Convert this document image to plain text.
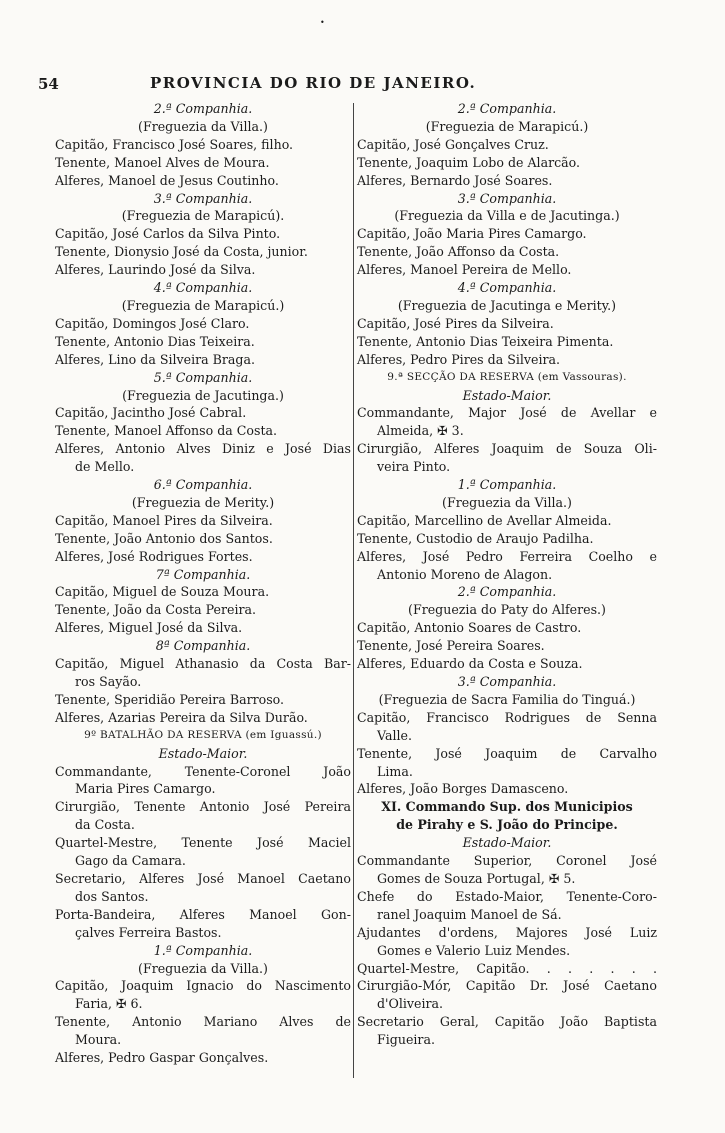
•
54	PROVINCIA DO RIO DE JANEIRO.
2.ª Companhia.
(Freguezia da Villa.)
Capitão, Francisco José Soares, filho.
Tenente, Manoel Alves de Moura.
Alferes, Manoel de Jesus Coutinho.
3.ª Companhia.
(Freguezia de Marapicú).
Capitão, José Carlos da Silva Pinto.
Tenente, Dionysio José da Costa, junior.
Alferes, Laurindo José da Silva.
4.ª Companhia.
(Freguezia de Marapicú.)
Capitão, Domingos José Claro.
Tenente, Antonio Dias Teixeira.
Alferes, Lino da Silveira Braga.
5.ª Companhia.
(Freguezia de Jacutinga.)
Capitão, Jacintho José Cabral.
Tenente, Manoel Affonso da Costa.
Alferes, Antonio Alves Diniz e José Dias
de Mello.
6.ª Companhia.
(Freguezia de Merity.)
Capitão, Manoel Pires da Silveira.
Tenente, João Antonio dos Santos.
Alferes, José Rodrigues Fortes.
7ª Companhia.
Capitão, Miguel de Souza Moura.
Tenente, João da Costa Pereira.
Alferes, Miguel José da Silva.
8ª Companhia.
Capitão, Miguel Athanasio da Costa Bar-
ros Sayão.
Tenente, Speridião Pereira Barroso.
Alferes, Azarias Pereira da Silva Durão.
9º BATALHÃO DA RESERVA (em Iguassú.)
Estado-Maior.
Commandante, Tenente-Coronel João
Maria Pires Camargo.
Cirurgião, Tenente Antonio José Pereira
da Costa.
Quartel-Mestre, Tenente José Maciel
Gago da Camara.
Secretario, Alferes José Manoel Caetano
dos Santos.
Porta-Bandeira, Alferes Manoel Gon-
çalves Ferreira Bastos.
1.ª Companhia.
(Freguezia da Villa.)
Capitão, Joaquim Ignacio do Nascimento
Faria, ✠ 6.
Tenente, Antonio Mariano Alves de
Moura.
Alferes, Pedro Gaspar Gonçalves.
2.ª Companhia.
(Freguezia de Marapicú.)
Capitão, José Gonçalves Cruz.
Tenente, Joaquim Lobo de Alarcão.
Alferes, Bernardo José Soares.
3.ª Companhia.
(Freguezia da Villa e de Jacutinga.)
Capitão, João Maria Pires Camargo.
Tenente, João Affonso da Costa.
Alferes, Manoel Pereira de Mello.
4.ª Companhia.
(Freguezia de Jacutinga e Merity.)
Capitão, José Pires da Silveira.
Tenente, Antonio Dias Teixeira Pimenta.
Alferes, Pedro Pires da Silveira.
9.ª SECÇÃO DA RESERVA (em Vassouras).
Estado-Maior.
Commandante, Major José de Avellar e
Almeida, ✠ 3.
Cirurgião, Alferes Joaquim de Souza Oli-
veira Pinto.
1.ª Companhia.
(Freguezia da Villa.)
Capitão, Marcellino de Avellar Almeida.
Tenente, Custodio de Araujo Padilha.
Alferes, José Pedro Ferreira Coelho e
Antonio Moreno de Alagon.
2.ª Companhia.
(Freguezia do Paty do Alferes.)
Capitão, Antonio Soares de Castro.
Tenente, José Pereira Soares.
Alferes, Eduardo da Costa e Souza.
3.ª Companhia.
(Freguezia de Sacra Familia do Tinguá.)
Capitão, Francisco Rodrigues de Senna
Valle.
Tenente, José Joaquim de Carvalho
Lima.
Alferes, João Borges Damasceno.
XI. Commando Sup. dos Municipios
de Pirahy e S. João do Principe.
Estado-Maior.
Commandante Superior, Coronel José
Gomes de Souza Portugal, ✠ 5.
Chefe do Estado-Maior, Tenente-Coro-
ranel Joaquim Manoel de Sá.
Ajudantes d'ordens, Majores José Luiz
Gomes e Valerio Luiz Mendes.
Quartel-Mestre, Capitão. . . . . . .
Cirurgião-Mór, Capitão Dr. José Caetano
d'Oliveira.
Secretario Geral, Capitão João Baptista
Figueira.
